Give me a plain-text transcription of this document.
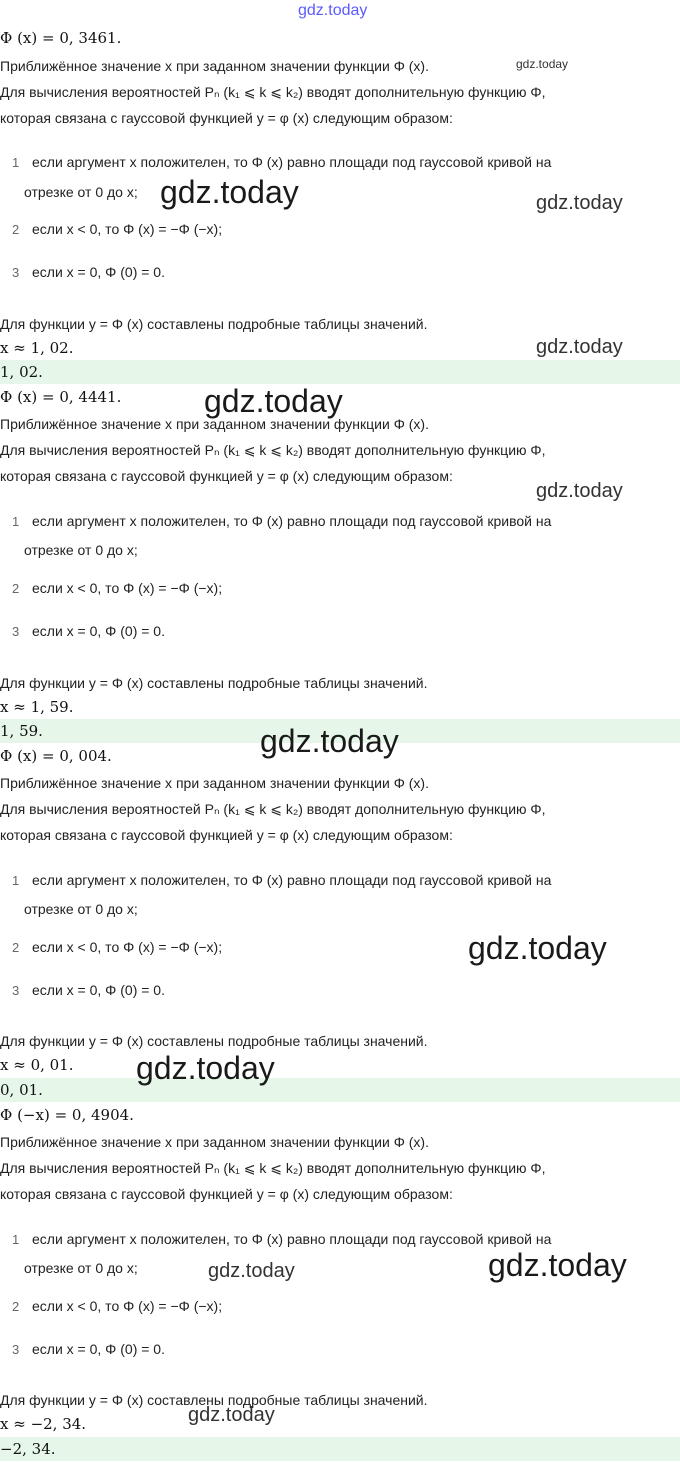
Φ (x) = 0, 3461.
Приближённое значение x при заданном значении функции Φ (x).
Для вычисления вероятностей Pₙ (k₁ ⩽ k ⩽ k₂) вводят дополнительную функцию Φ,
которая связана с гауссовой функцией y = φ (x) следующим образом:
1 если аргумент x положителен, то Φ (x) равно площади под гауссовой кривой на
отрезке от 0 до x;
2 если x < 0, то Φ (x) = −Φ (−x);
3 если x = 0, Φ (0) = 0.
Для функции y = Φ (x) составлены подробные таблицы значений.
x ≈ 1, 02.
1, 02.
Φ (x) = 0, 4441.
Приближённое значение x при заданном значении функции Φ (x).
Для вычисления вероятностей Pₙ (k₁ ⩽ k ⩽ k₂) вводят дополнительную функцию Φ,
которая связана с гауссовой функцией y = φ (x) следующим образом:
1 если аргумент x положителен, то Φ (x) равно площади под гауссовой кривой на
отрезке от 0 до x;
2 если x < 0, то Φ (x) = −Φ (−x);
3 если x = 0, Φ (0) = 0.
Для функции y = Φ (x) составлены подробные таблицы значений.
x ≈ 1, 59.
1, 59.
Φ (x) = 0, 004.
Приближённое значение x при заданном значении функции Φ (x).
Для вычисления вероятностей Pₙ (k₁ ⩽ k ⩽ k₂) вводят дополнительную функцию Φ,
которая связана с гауссовой функцией y = φ (x) следующим образом:
1 если аргумент x положителен, то Φ (x) равно площади под гауссовой кривой на
отрезке от 0 до x;
2 если x < 0, то Φ (x) = −Φ (−x);
3 если x = 0, Φ (0) = 0.
Для функции y = Φ (x) составлены подробные таблицы значений.
x ≈ 0, 01.
0, 01.
Φ (−x) = 0, 4904.
Приближённое значение x при заданном значении функции Φ (x).
Для вычисления вероятностей Pₙ (k₁ ⩽ k ⩽ k₂) вводят дополнительную функцию Φ,
которая связана с гауссовой функцией y = φ (x) следующим образом:
1 если аргумент x положителен, то Φ (x) равно площади под гауссовой кривой на
отрезке от 0 до x;
2 если x < 0, то Φ (x) = −Φ (−x);
3 если x = 0, Φ (0) = 0.
Для функции y = Φ (x) составлены подробные таблицы значений.
x ≈ −2, 34.
−2, 34.
gdz.today
gdz.today
gdz.today	gdz.today
gdz.today
gdz.today
gdz.today
gdz.today
gdz.today
gdz.today
gdz.today	gdz.today
gdz.today
